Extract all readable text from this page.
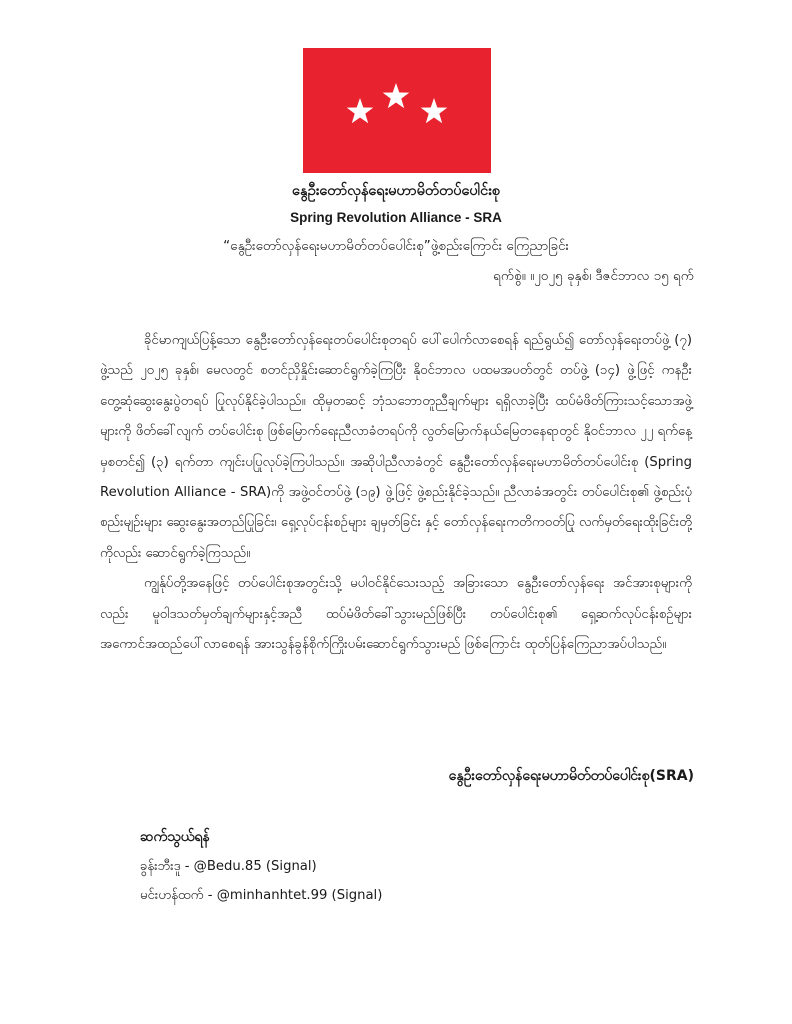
နွေဦးတော်လှန်ရေးမဟာမိတ်တပ်ပေါင်းစု
Spring Revolution Alliance - SRA
“နွေဦးတော်လှန်ရေးမဟာမိတ်တပ်ပေါင်းစု”ဖွဲ့စည်းကြောင်း ကြေညာခြင်း
ရက်စွဲ။ ။၂၀၂၅ ခုနှစ်၊ ဒီဇင်ဘာလ ၁၅ ရက်

ခိုင်မာကျယ်ပြန့်သော နွေဦးတော်လှန်ရေးတပ်ပေါင်းစုတရပ် ပေါ်ပေါက်လာစေရန် ရည်ရွယ်၍ တော်လှန်ရေးတပ်ဖွဲ့ (၇) ဖွဲ့သည် ၂၀၂၅ ခုနှစ်၊ မေလတွင် စတင်ညှိနှိုင်းဆောင်ရွက်ခဲ့ကြပြီး နိုဝင်ဘာလ ပထမအပတ်တွင် တပ်ဖွဲ့ (၁၄) ဖွဲ့ဖြင့် ကနဦးတွေ့ဆုံဆွေးနွေးပွဲတရပ် ပြုလုပ်နိုင်ခဲ့ပါသည်။ ထိုမှတဆင့် ဘုံသဘောတူညီချက်များ ရရှိလာခဲ့ပြီး ထပ်မံဖိတ်ကြားသင့်သောအဖွဲ့များကို ဖိတ်ခေါ်လျက် တပ်ပေါင်းစု ဖြစ်မြောက်ရေးညီလာခံတရပ်ကို လွတ်မြောက်နယ်မြေတနေရာတွင် နိုဝင်ဘာလ ၂၂ ရက်နေ့မှစတင်၍ (၃) ရက်တာ ကျင်းပပြုလုပ်ခဲ့ကြပါသည်။ အဆိုပါညီလာခံတွင် နွေဦးတော်လှန်ရေးမဟာမိတ်တပ်ပေါင်းစု (Spring Revolution Alliance - SRA)ကို အဖွဲ့ဝင်တပ်ဖွဲ့ (၁၉) ဖွဲ့ဖြင့် ဖွဲ့စည်းနိုင်ခဲ့သည်။ ညီလာခံအတွင်း တပ်ပေါင်းစု၏ ဖွဲ့စည်းပုံစည်းမျဉ်းများ ဆွေးနွေးအတည်ပြုခြင်း၊ ရှေ့လုပ်ငန်းစဉ်များ ချမှတ်ခြင်း နှင့် တော်လှန်ရေးကတိကဝတ်ပြု လက်မှတ်ရေးထိုးခြင်းတို့ကိုလည်း ဆောင်ရွက်ခဲ့ကြသည်။

ကျွန်ုပ်တို့အနေဖြင့် တပ်ပေါင်းစုအတွင်းသို့ မပါဝင်နိုင်သေးသည့် အခြားသော နွေဦးတော်လှန်ရေး အင်အားစုများကိုလည်း မူဝါဒသတ်မှတ်ချက်များနှင့်အညီ ထပ်မံဖိတ်ခေါ်သွားမည်ဖြစ်ပြီး တပ်ပေါင်းစု၏ ရှေ့ဆက်လုပ်ငန်းစဉ်များအကောင်အထည်ပေါ်လာစေရန် အားသွန်ခွန်စိုက်ကြိုးပမ်းဆောင်ရွက်သွားမည် ဖြစ်ကြောင်း ထုတ်ပြန်ကြေညာအပ်ပါသည်။

နွေဦးတော်လှန်ရေးမဟာမိတ်တပ်ပေါင်းစု(SRA)
ဆက်သွယ်ရန်
ခွန်းဘီးဒူ - @Bedu.85 (Signal)
မင်းဟန်ထက် - @minhanhtet.99 (Signal)
